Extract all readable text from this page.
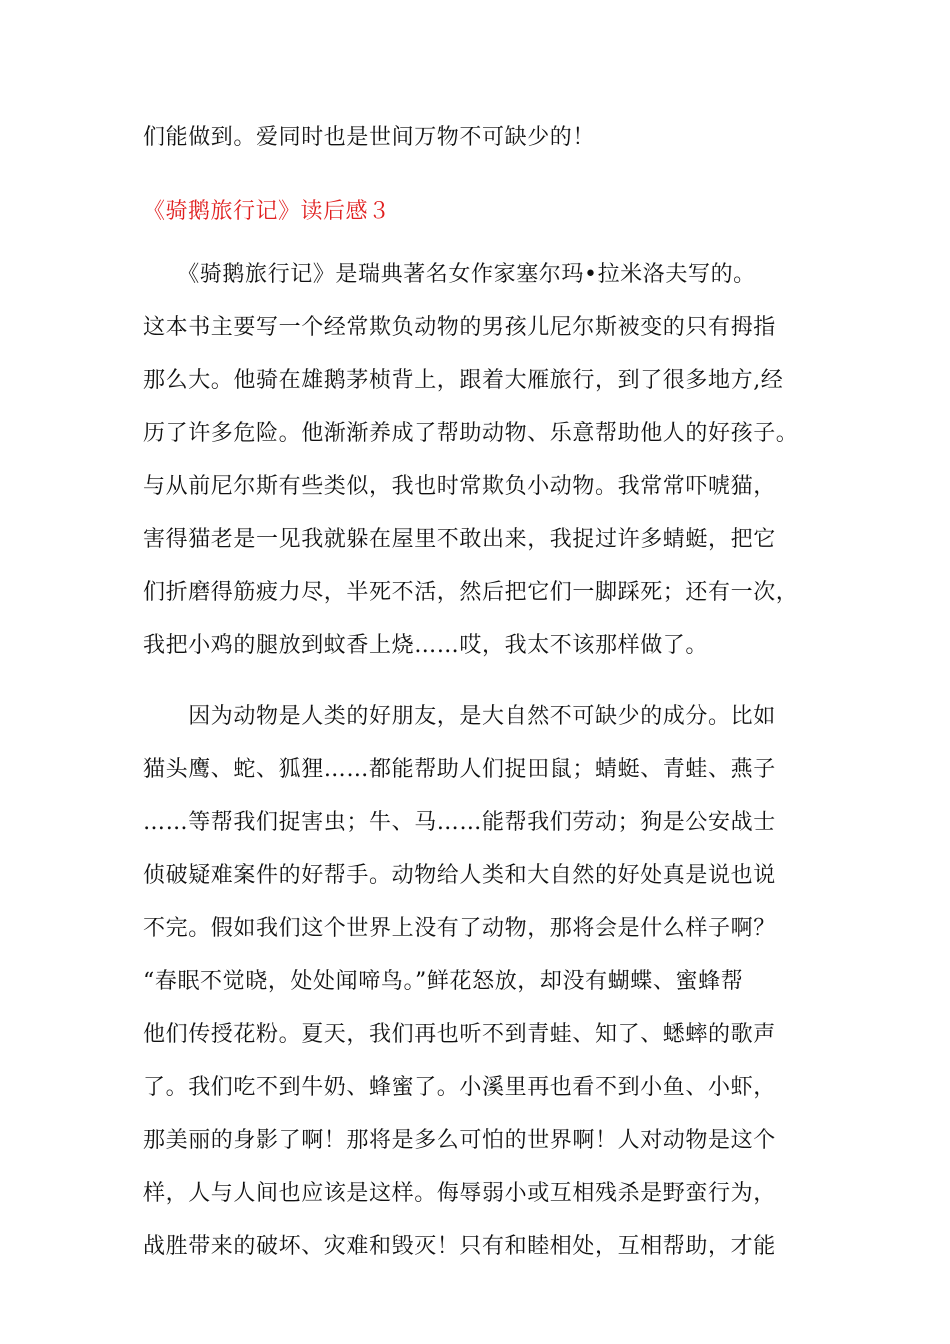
们能做到。爱同时也是世间万物不可缺少的！
《骑鹅旅行记》读后感３
　　《骑鹅旅行记》是瑞典著名女作家塞尔玛•拉米洛夫写的。
这本书主要写一个经常欺负动物的男孩儿尼尔斯被变的只有拇指
那么大。他骑在雄鹅茅桢背上，跟着大雁旅行，到了很多地方,经
历了许多危险。他渐渐养成了帮助动物、乐意帮助他人的好孩子。
与从前尼尔斯有些类似，我也时常欺负小动物。我常常吓唬猫，
害得猫老是一见我就躲在屋里不敢出来，我捉过许多蜻蜓，把它
们折磨得筋疲力尽，半死不活，然后把它们一脚踩死；还有一次，
我把小鸡的腿放到蚊香上烧……哎，我太不该那样做了。
　　因为动物是人类的好朋友，是大自然不可缺少的成分。比如
猫头鹰、蛇、狐狸……都能帮助人们捉田鼠；蜻蜓、青蛙、燕子
……等帮我们捉害虫；牛、马……能帮我们劳动；狗是公安战士
侦破疑难案件的好帮手。动物给人类和大自然的好处真是说也说
不完。假如我们这个世界上没有了动物，那将会是什么样子啊？
“春眠不觉晓，处处闻啼鸟。”鲜花怒放，却没有蝴蝶、蜜蜂帮
他们传授花粉。夏天，我们再也听不到青蛙、知了、蟋蟀的歌声
了。我们吃不到牛奶、蜂蜜了。小溪里再也看不到小鱼、小虾，
那美丽的身影了啊！那将是多么可怕的世界啊！人对动物是这个
样，人与人间也应该是这样。侮辱弱小或互相残杀是野蛮行为，
战胜带来的破坏、灾难和毁灭！只有和睦相处，互相帮助，才能
